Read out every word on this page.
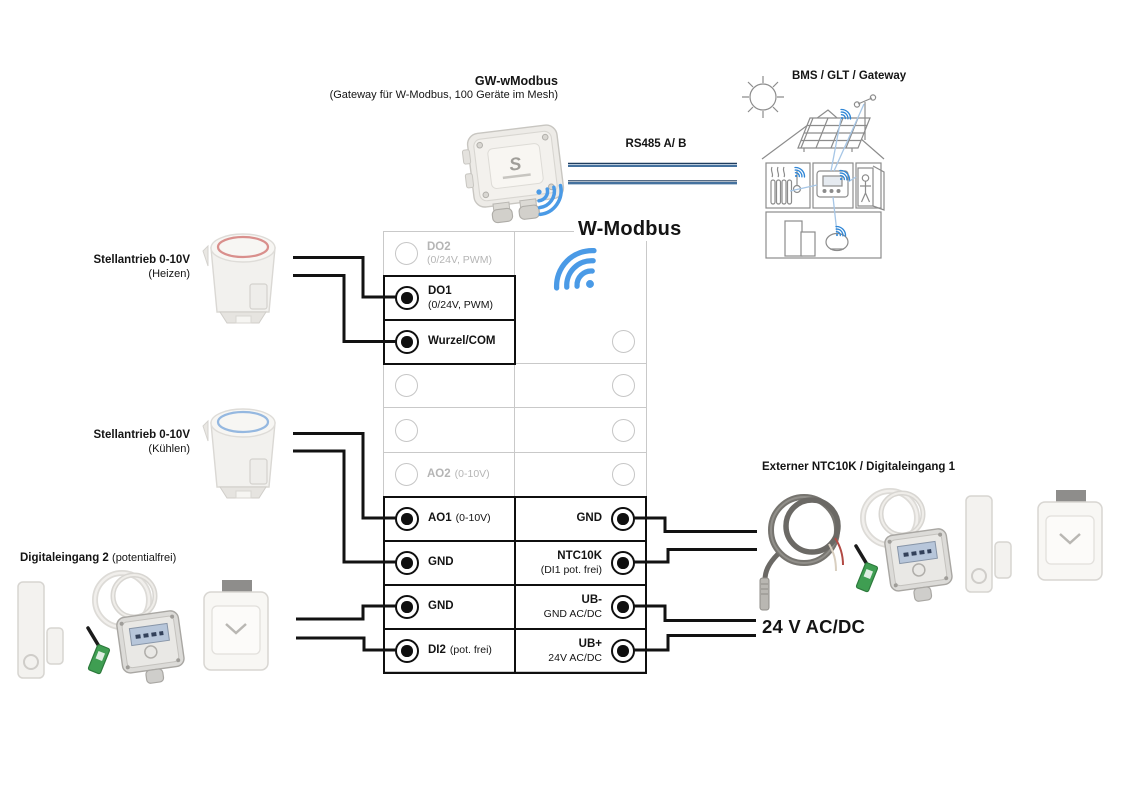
GW-wModbus
(Gateway für W-Modbus, 100 Geräte im Mesh)
S
RS485 A/ B
BMS / GLT / Gateway
W-Modbus
DO2
(0/24V, PWM)
DO1
(0/24V, PWM)
Wurzel/COM
AO2 (0-10V)
AO1 (0-10V)	GND
GND
NTC10K
(DI1 pot. frei)
GND
UB-
GND AC/DC
DI2 (pot. frei)
UB+
24V AC/DC
Stellantrieb 0-10V
(Heizen)
Stellantrieb 0-10V
(Kühlen)
Digitaleingang 2 (potentialfrei)
Externer NTC10K / Digitaleingang 1
24 V AC/DC
